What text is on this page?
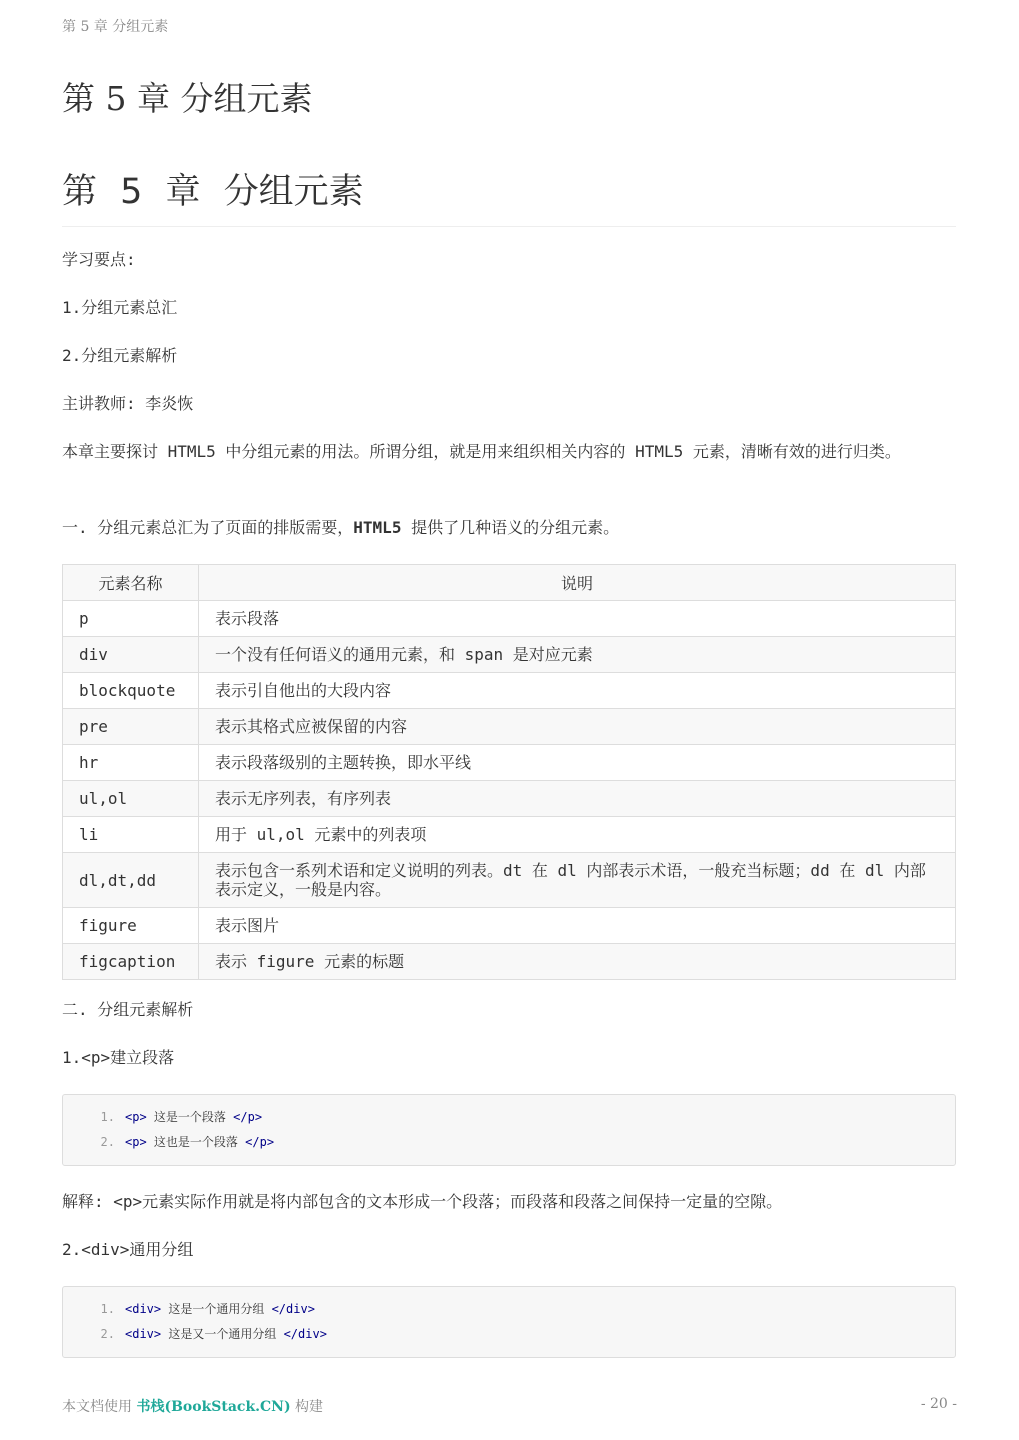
第 5 章 分组元素
第 5 章 分组元素
第 5 章 分组元素

学习要点:

1.分组元素总汇

2.分组元素解析

主讲教师: 李炎恢

本章主要探讨 HTML5 中分组元素的用法。所谓分组，就是用来组织相关内容的 HTML5 元素，清晰有效的进行归类。

一. 分组元素总汇为了页面的排版需要，HTML5 提供了几种语义的分组元素。

元素名称	说明
p	表示段落
div	一个没有任何语义的通用元素，和 span 是对应元素
blockquote	表示引自他出的大段内容
pre	表示其格式应被保留的内容
hr	表示段落级别的主题转换，即水平线
ul,ol	表示无序列表，有序列表
li	用于 ul,ol 元素中的列表项
dl,dt,dd	表示包含一系列术语和定义说明的列表。dt 在 dl 内部表示术语，一般充当标题；dd 在 dl 内部表示定义，一般是内容。
figure	表示图片
figcaption	表示 figure 元素的标题

二. 分组元素解析

1.<p>建立段落

1. <p> 这是一个段落 </p>
2. <p> 这也是一个段落 </p>

解释: <p>元素实际作用就是将内部包含的文本形成一个段落；而段落和段落之间保持一定量的空隙。

2.<div>通用分组

1. <div> 这是一个通用分组 </div>
2. <div> 这是又一个通用分组 </div>
本文档使用 书栈(BookStack.CN) 构建	- 20 -
